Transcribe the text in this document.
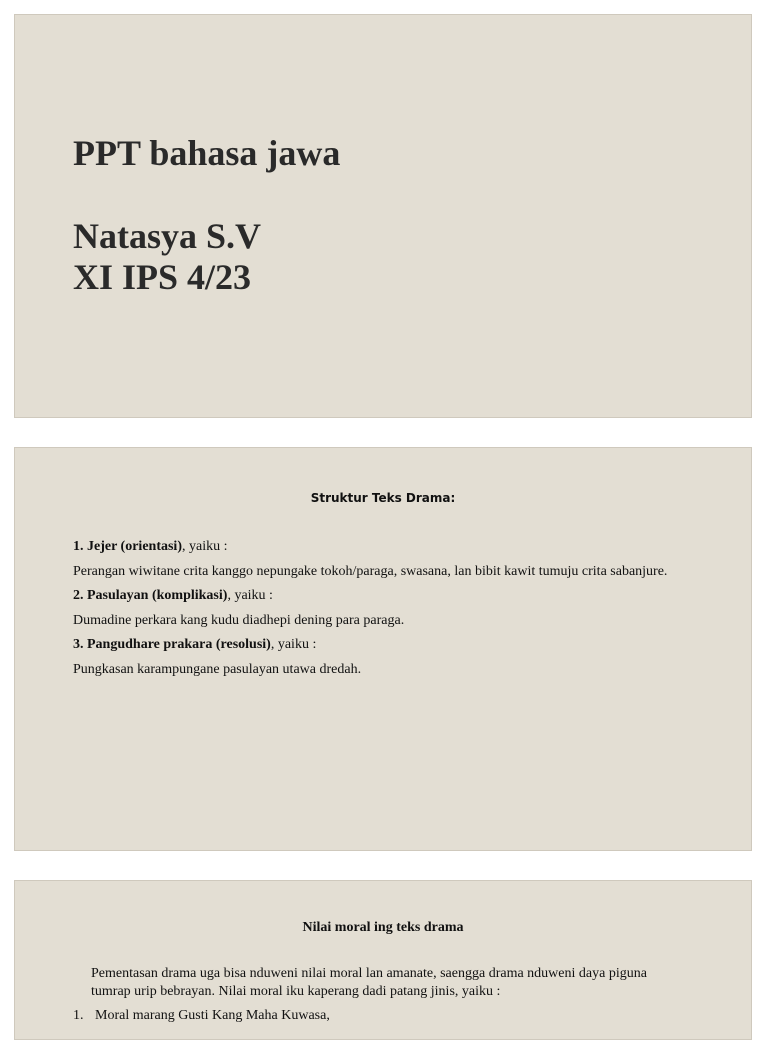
PPT bahasa jawa
Natasya S.V
XI IPS 4/23
Struktur Teks Drama:
1. Jejer (orientasi), yaiku :
Perangan wiwitane crita kanggo nepungake tokoh/paraga, swasana, lan bibit kawit tumuju crita sabanjure.
2. Pasulayan (komplikasi), yaiku :
Dumadine perkara kang kudu diadhepi dening para paraga.
3. Pangudhare prakara (resolusi), yaiku :
Pungkasan karampungane pasulayan utawa dredah.
Nilai moral ing teks drama
Pementasan drama uga bisa nduweni nilai moral lan amanate, saengga drama nduweni daya piguna
tumrap urip bebrayan. Nilai moral iku kaperang dadi patang jinis, yaiku :
1. Moral marang Gusti Kang Maha Kuwasa,
